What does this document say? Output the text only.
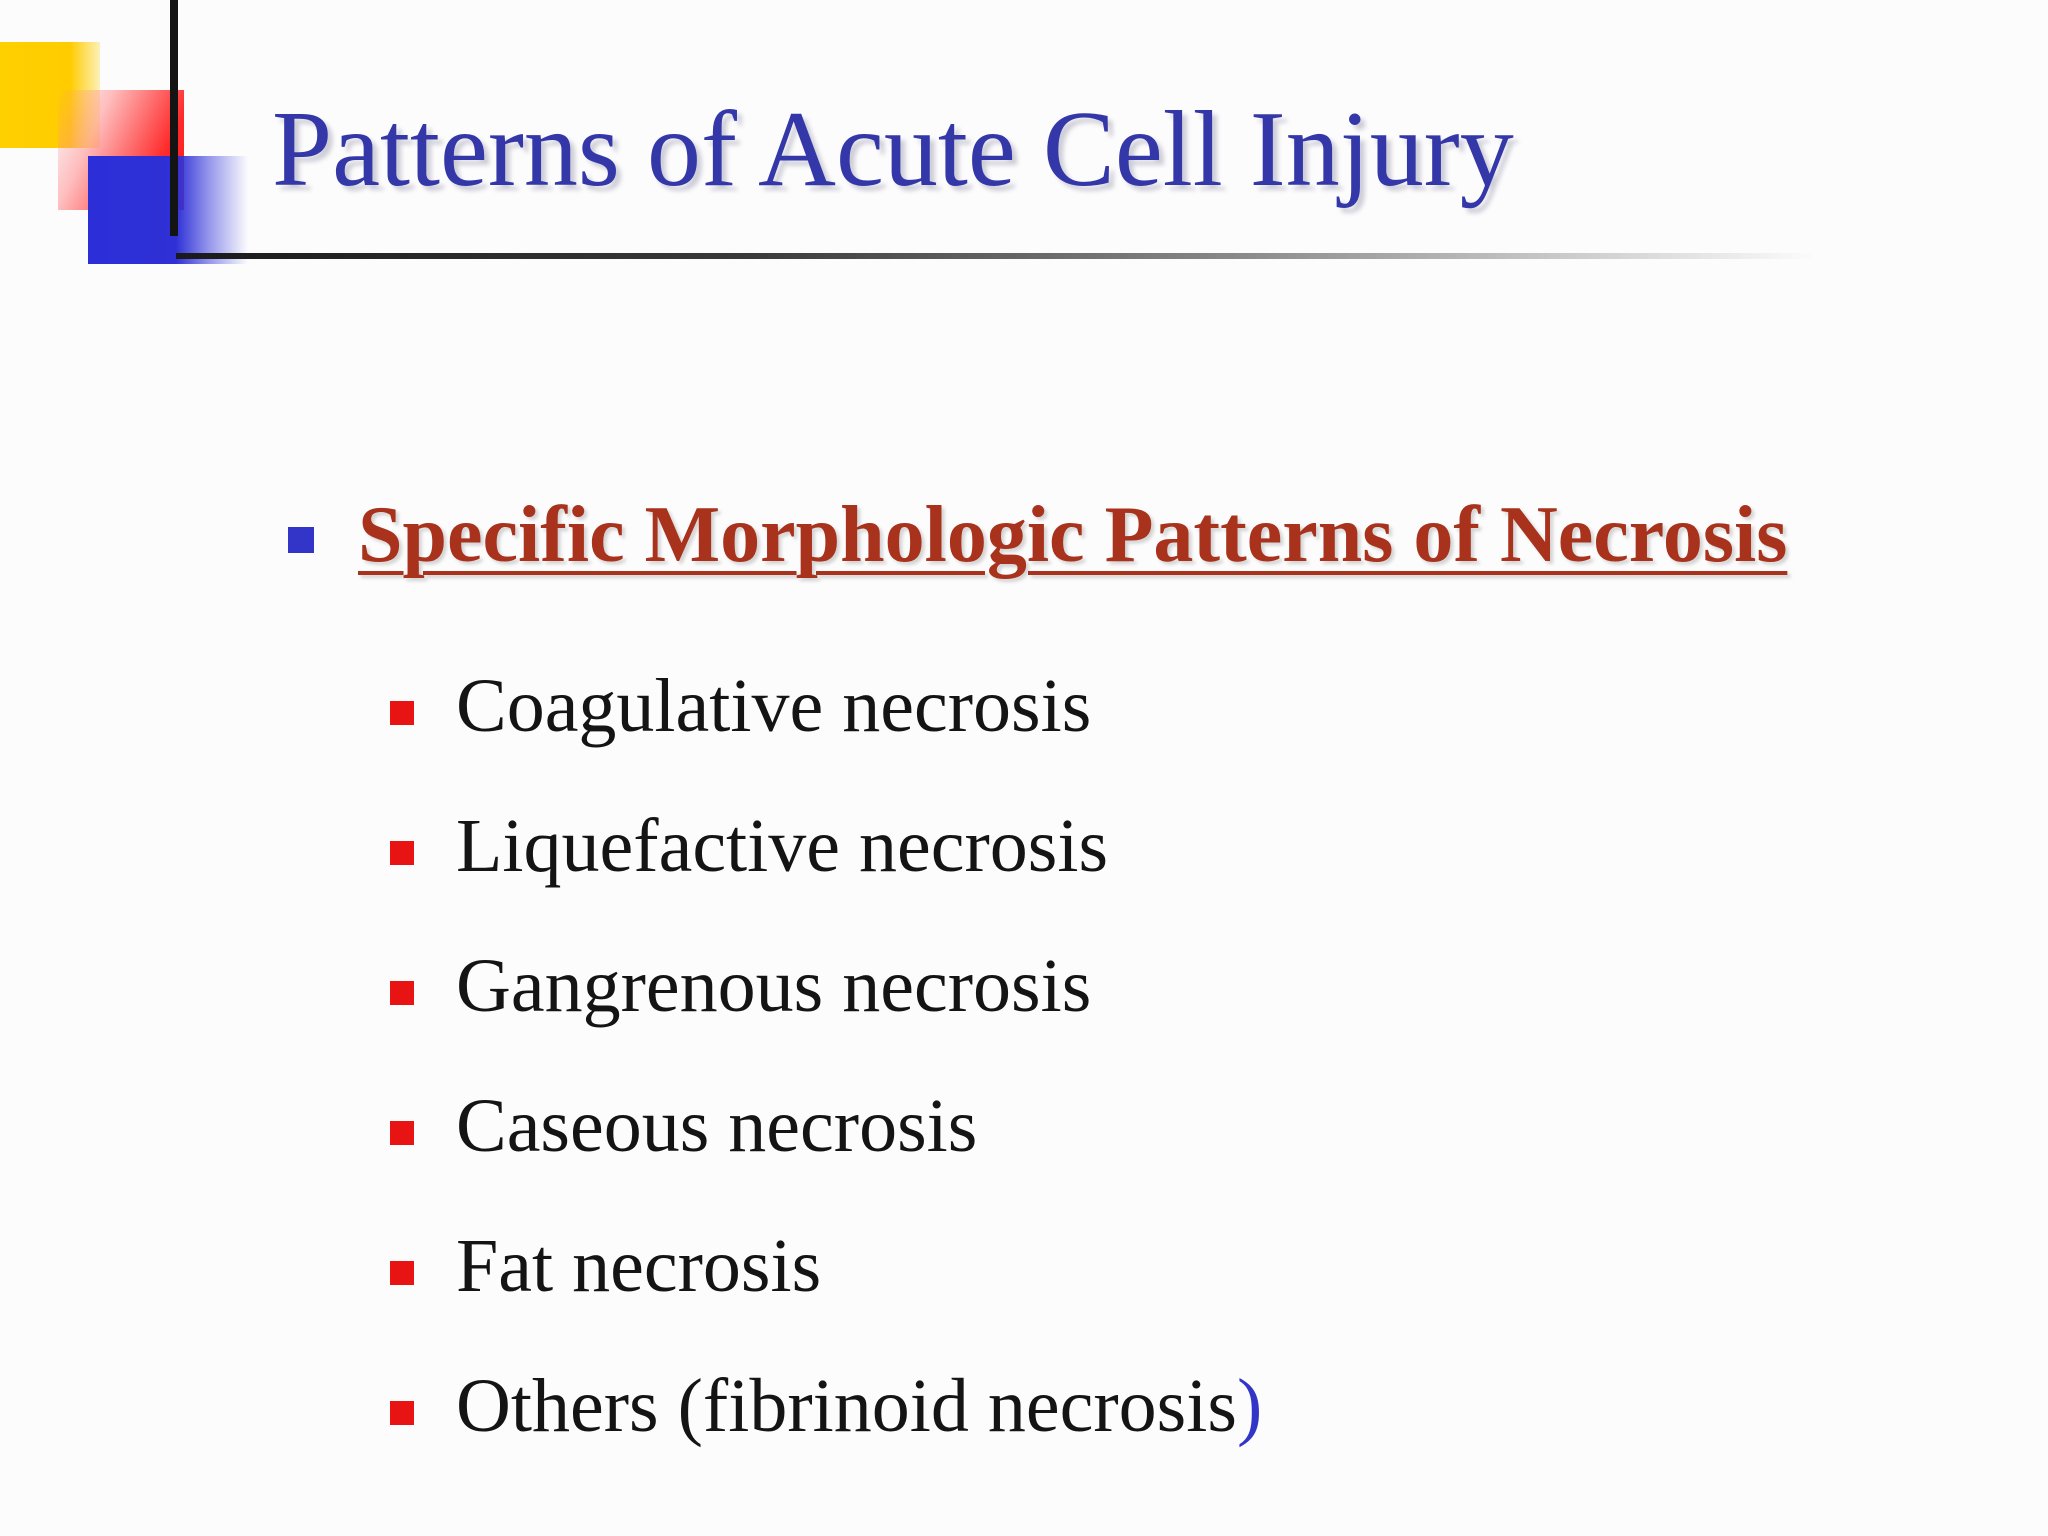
Patterns of Acute Cell Injury
Specific Morphologic Patterns of Necrosis
Coagulative necrosis
Liquefactive necrosis
Gangrenous necrosis
Caseous necrosis
Fat necrosis
Others (fibrinoid necrosis)
